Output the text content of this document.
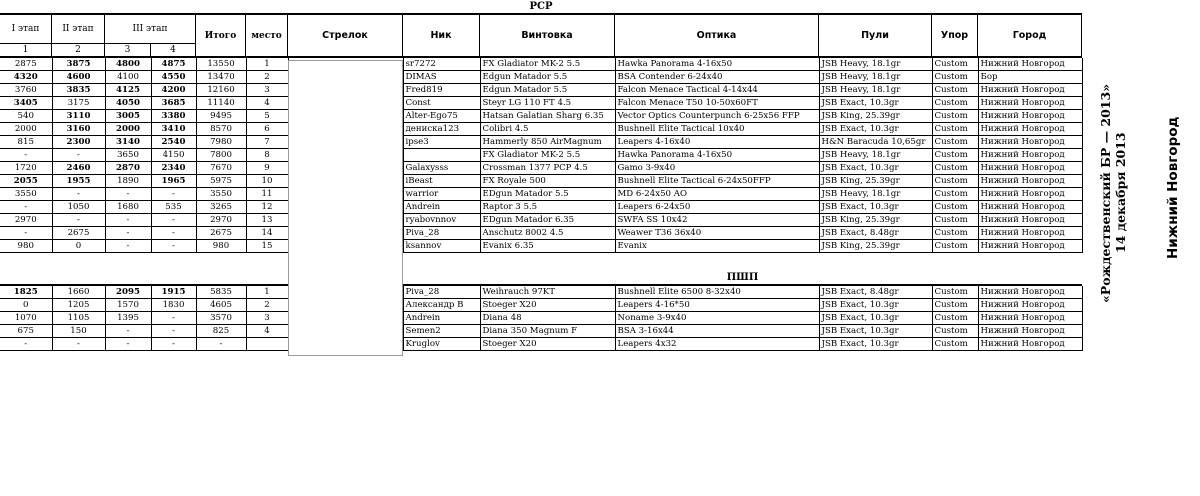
РСР
I этап	II этап	III этап
1	2	3	4
Итого	место	Стрелок	Ник	Винтовка	Оптика	Пули	Упор	Город
2875	3875	4800	4875	13550	1		sr7272	FX Gladiator MK-2 5.5	Hawka Panorama 4-16x50	JSB Heavy, 18.1gr	Custom	Нижний Новгород
4320	4600	4100	4550	13470	2		DIMAS	Edgun Matador 5.5	BSA Contender 6-24x40	JSB Heavy, 18.1gr	Custom	Бор
3760	3835	4125	4200	12160	3		Fred819	Edgun Matador 5.5	Falcon Menace Tactical 4-14x44	JSB Heavy, 18.1gr	Custom	Нижний Новгород
3405	3175	4050	3685	11140	4		Const	Steyr LG 110 FT 4.5	Falcon Menace T50 10-50x60FT	JSB Exact, 10.3gr	Custom	Нижний Новгород
540	3110	3005	3380	9495	5		Alter-Ego75	Hatsan Galatian Sharg 6.35	Vector Optics Counterpunch 6-25x56 FFP	JSB King, 25.39gr	Custom	Нижний Новгород
2000	3160	2000	3410	8570	6		дениска123	Colibri 4.5	Bushnell Elite Tactical 10x40	JSB Exact, 10.3gr	Custom	Нижний Новгород
815	2300	3140	2540	7980	7		ipse3	Hammerly 850 AirMagnum	Leapers 4-16x40	H&N Baracuda 10,65gr	Custom	Нижний Новгород
-	-	3650	4150	7800	8			FX Gladiator MK-2 5.5	Hawka Panorama 4-16x50	JSB Heavy, 18.1gr	Custom	Нижний Новгород
1720	2460	2870	2340	7670	9		Galaxysss	Crossman 1377 PCP 4.5	Gamo 3-9x40	JSB Exact, 10.3gr	Custom	Нижний Новгород
2055	1955	1890	1965	5975	10		iBeast	FX Royale 500	Bushnell Elite Tactical 6-24x50FFP	JSB King, 25.39gr	Custom	Нижний Новгород
3550	-	-	-	3550	11		warrior	EDgun Matador 5.5	MD 6-24x50 AO	JSB Heavy, 18.1gr	Custom	Нижний Новгород
-	1050	1680	535	3265	12		Andrein	Raptor 3 5.5	Leapers 6-24x50	JSB Exact, 10.3gr	Custom	Нижний Новгород
2970	-	-	-	2970	13		ryabovnnov	EDgun Matador 6.35	SWFA SS 10x42	JSB King, 25.39gr	Custom	Нижний Новгород
-	2675	-	-	2675	14		Piva_28	Anschutz 8002 4.5	Weawer T36 36x40	JSB Exact, 8.48gr	Custom	Нижний Новгород
980	0	-	-	980	15		ksannov	Evanix 6.35	Evanix	JSB King, 25.39gr	Custom	Нижний Новгород
ПШП
1825	1660	2095	1915	5835	1		Piva_28	Weihrauch 97KT	Bushnell Elite 6500 8-32x40	JSB Exact, 8.48gr	Custom	Нижний Новгород
0	1205	1570	1830	4605	2		Александр В	Stoeger X20	Leapers 4-16*50	JSB Exact, 10.3gr	Custom	Нижний Новгород
1070	1105	1395	-	3570	3		Andrein	Diana 48	Noname 3-9x40	JSB Exact, 10.3gr	Custom	Нижний Новгород
675	150	-	-	825	4		Semen2	Diana 350 Magnum F	BSA 3-16x44	JSB Exact, 10.3gr	Custom	Нижний Новгород
-	-	-	-	-			Kruglov	Stoeger X20	Leapers 4x32	JSB Exact, 10.3gr	Custom	Нижний Новгород
«Рождественский БР — 2013»
14 декабря 2013	Нижний Новгород
